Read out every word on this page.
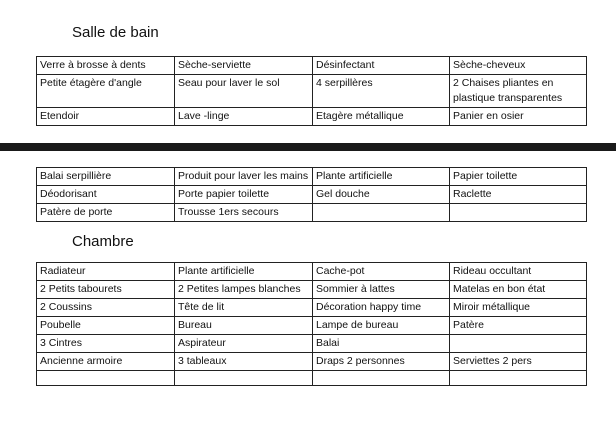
Salle de bain
Verre à brosse à dents	Sèche-serviette	Désinfectant	Sèche-cheveux
Petite étagère d'angle	Seau pour laver le sol	4 serpillères	2 Chaises pliantes en plastique transparentes
Etendoir	Lave -linge	Etagère métallique	Panier en osier
Balai serpillière	Produit pour laver les mains	Plante artificielle	Papier toilette
Déodorisant	Porte papier toilette	Gel douche	Raclette
Patère de porte	Trousse 1ers secours		
Chambre
Radiateur	Plante artificielle	Cache-pot	Rideau occultant
2 Petits tabourets	2 Petites lampes blanches	Sommier à lattes	Matelas en bon état
2 Coussins	Tête de lit	Décoration happy time	Miroir métallique
Poubelle	Bureau	Lampe de bureau	Patère
3 Cintres	Aspirateur	Balai	
Ancienne armoire	3 tableaux	Draps 2 personnes	Serviettes 2 pers
